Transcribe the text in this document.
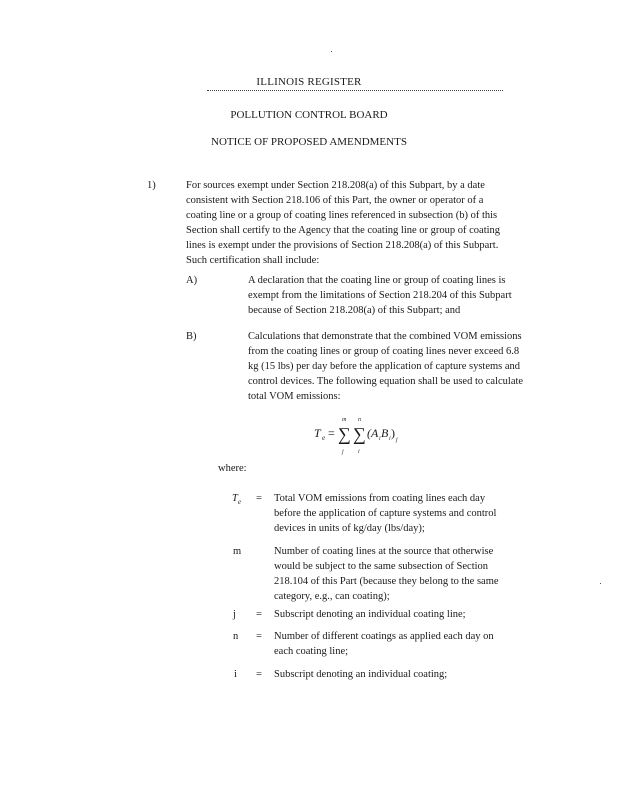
ILLINOIS REGISTER
POLLUTION CONTROL BOARD
NOTICE OF PROPOSED AMENDMENTS
1)	For sources exempt under Section 218.208(a) of this Subpart, by a date
consistent with Section 218.106 of this Part, the owner or operator of a
coating line or a group of coating lines referenced in subsection (b) of this
Section shall certify to the Agency that the coating line or group of coating
lines is exempt under the provisions of Section 218.208(a) of this Subpart.
Such certification shall include:
A)	A declaration that the coating line or group of coating lines is
exempt from the limitations of Section 218.204 of this Subpart
because of Section 218.208(a) of this Subpart; and
B)	Calculations that demonstrate that the combined VOM emissions
from the coating lines or group of coating lines never exceed 6.8
kg (15 lbs) per day before the application of capture systems and
control devices. The following equation shall be used to calculate
total VOM emissions:
T e =
m
∑
j
n
∑
i
(A i B i ) j
where:
$T_e$ = Total VOM emissions from coating lines each day
before the application of capture systems and control
devices in units of kg/day (lbs/day);
m	Number of coating lines at the source that otherwise
would be subject to the same subsection of Section
218.104 of this Part (because they belong to the same
category, e.g., can coating);
j = Subscript denoting an individual coating line;
n = Number of different coatings as applied each day on
each coating line;
i = Subscript denoting an individual coating;
